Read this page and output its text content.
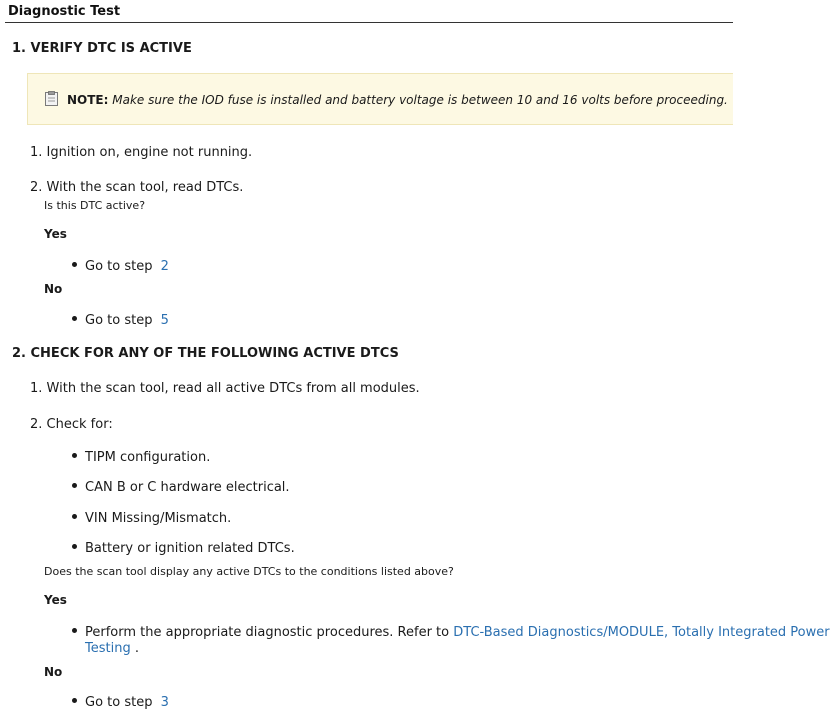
Diagnostic Test
1. VERIFY DTC IS ACTIVE
NOTE: Make sure the IOD fuse is installed and battery voltage is between 10 and 16 volts before proceeding.
1. Ignition on, engine not running.
2. With the scan tool, read DTCs.
Is this DTC active?
Yes
Go to step 2
No
Go to step 5
2. CHECK FOR ANY OF THE FOLLOWING ACTIVE DTCS
1. With the scan tool, read all active DTCs from all modules.
2. Check for:
TIPM configuration.
CAN B or C hardware electrical.
VIN Missing/Mismatch.
Battery or ignition related DTCs.
Does the scan tool display any active DTCs to the conditions listed above?
Yes
Perform the appropriate diagnostic procedures. Refer to DTC-Based Diagnostics/MODULE, Totally Integrated Power
Testing .
No
Go to step 3
